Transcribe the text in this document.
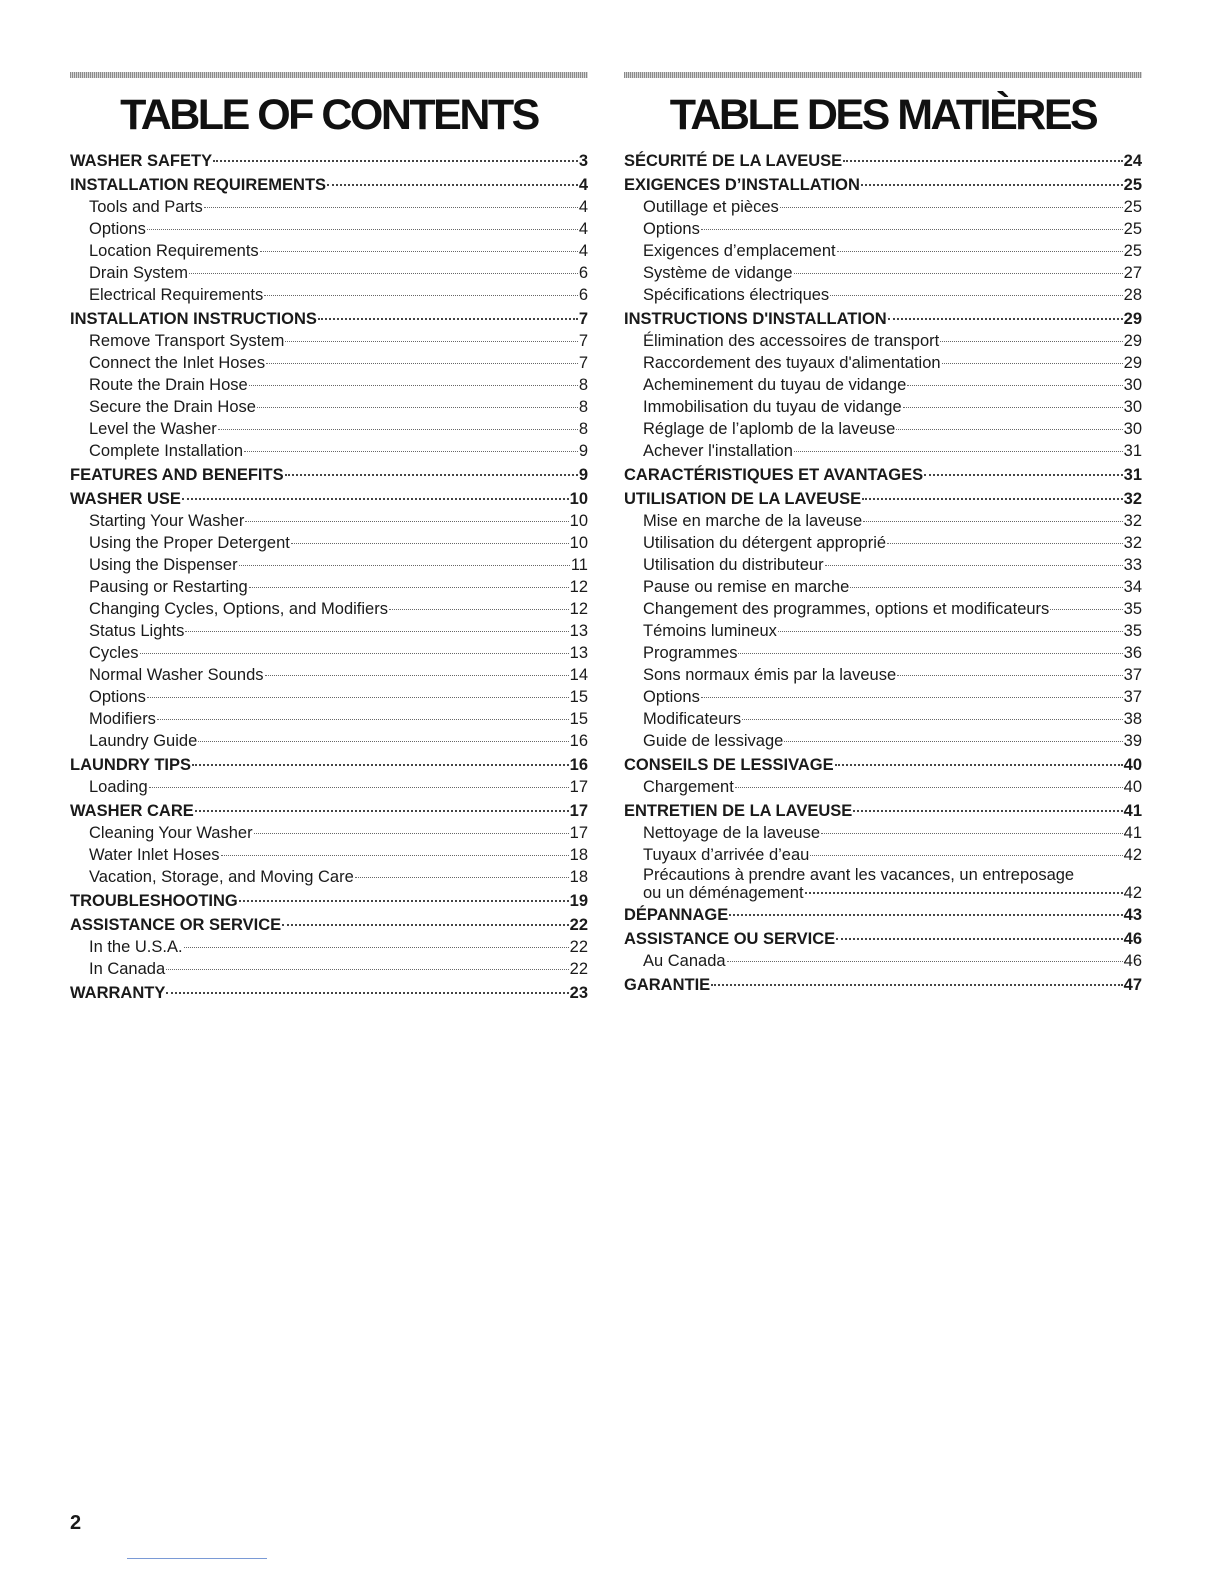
TABLE OF CONTENTS
WASHER SAFETY	3
INSTALLATION REQUIREMENTS	4
Tools and Parts	4
Options	4
Location Requirements	4
Drain System	6
Electrical Requirements	6
INSTALLATION INSTRUCTIONS	7
Remove Transport System	7
Connect the Inlet Hoses	7
Route the Drain Hose	8
Secure the Drain Hose	8
Level the Washer	8
Complete Installation	9
FEATURES AND BENEFITS	9
WASHER USE	10
Starting Your Washer	10
Using the Proper Detergent	10
Using the Dispenser	11
Pausing or Restarting	12
Changing Cycles, Options, and Modifiers	12
Status Lights	13
Cycles	13
Normal Washer Sounds	14
Options	15
Modifiers	15
Laundry Guide	16
LAUNDRY TIPS	16
Loading	17
WASHER CARE	17
Cleaning Your Washer	17
Water Inlet Hoses	18
Vacation, Storage, and Moving Care	18
TROUBLESHOOTING	19
ASSISTANCE OR SERVICE	22
In the U.S.A.	22
In Canada	22
WARRANTY	23
TABLE DES MATIÈRES
SÉCURITÉ DE LA LAVEUSE	24
EXIGENCES D’INSTALLATION	25
Outillage et pièces	25
Options	25
Exigences d’emplacement	25
Système de vidange	27
Spécifications électriques	28
INSTRUCTIONS D'INSTALLATION	29
Élimination des accessoires de transport	29
Raccordement des tuyaux d'alimentation	29
Acheminement du tuyau de vidange	30
Immobilisation du tuyau de vidange	30
Réglage de l’aplomb de la laveuse	30
Achever l'installation	31
CARACTÉRISTIQUES ET AVANTAGES	31
UTILISATION DE LA LAVEUSE	32
Mise en marche de la laveuse	32
Utilisation du détergent approprié	32
Utilisation du distributeur	33
Pause ou remise en marche	34
Changement des programmes, options et modificateurs	35
Témoins lumineux	35
Programmes	36
Sons normaux émis par la laveuse	37
Options	37
Modificateurs	38
Guide de lessivage	39
CONSEILS DE LESSIVAGE	40
Chargement	40
ENTRETIEN DE LA LAVEUSE	41
Nettoyage de la laveuse	41
Tuyaux d’arrivée d’eau	42
Précautions à prendre avant les vacances, un entreposage
ou un déménagement	42
DÉPANNAGE	43
ASSISTANCE OU SERVICE	46
Au Canada	46
GARANTIE	47
2
